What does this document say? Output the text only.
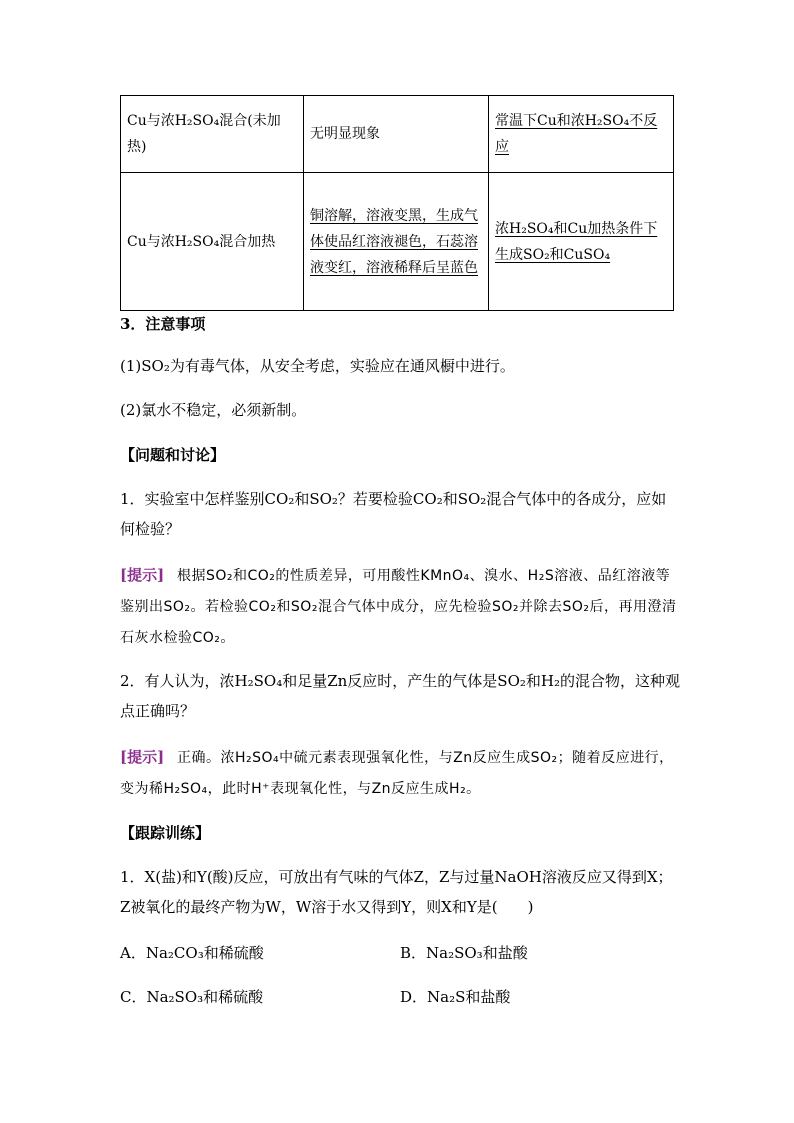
Cu与浓H₂SO₄混合(未加热)	无明显现象	常温下Cu和浓H₂SO₄不反应
Cu与浓H₂SO₄混合加热	铜溶解，溶液变黑，生成气体使品红溶液褪色，石蕊溶液变红，溶液稀释后呈蓝色	浓H₂SO₄和Cu加热条件下生成SO₂和CuSO₄
3．注意事项
(1)SO₂为有毒气体，从安全考虑，实验应在通风橱中进行。
(2)氯水不稳定，必须新制。
【问题和讨论】
1．实验室中怎样鉴别CO₂和SO₂？若要检验CO₂和SO₂混合气体中的各成分，应如何检验？
[提示] 根据SO₂和CO₂的性质差异，可用酸性KMnO₄、溴水、H₂S溶液、品红溶液等鉴别出SO₂。若检验CO₂和SO₂混合气体中成分，应先检验SO₂并除去SO₂后，再用澄清石灰水检验CO₂。
2．有人认为，浓H₂SO₄和足量Zn反应时，产生的气体是SO₂和H₂的混合物，这种观点正确吗？
[提示] 正确。浓H₂SO₄中硫元素表现强氧化性，与Zn反应生成SO₂；随着反应进行，变为稀H₂SO₄，此时H⁺表现氧化性，与Zn反应生成H₂。
【跟踪训练】
1．X(盐)和Y(酸)反应，可放出有气味的气体Z，Z与过量NaOH溶液反应又得到X；Z被氧化的最终产物为W，W溶于水又得到Y，则X和Y是(　　)
A．Na₂CO₃和稀硫酸	B．Na₂SO₃和盐酸
C．Na₂SO₃和稀硫酸	D．Na₂S和盐酸
